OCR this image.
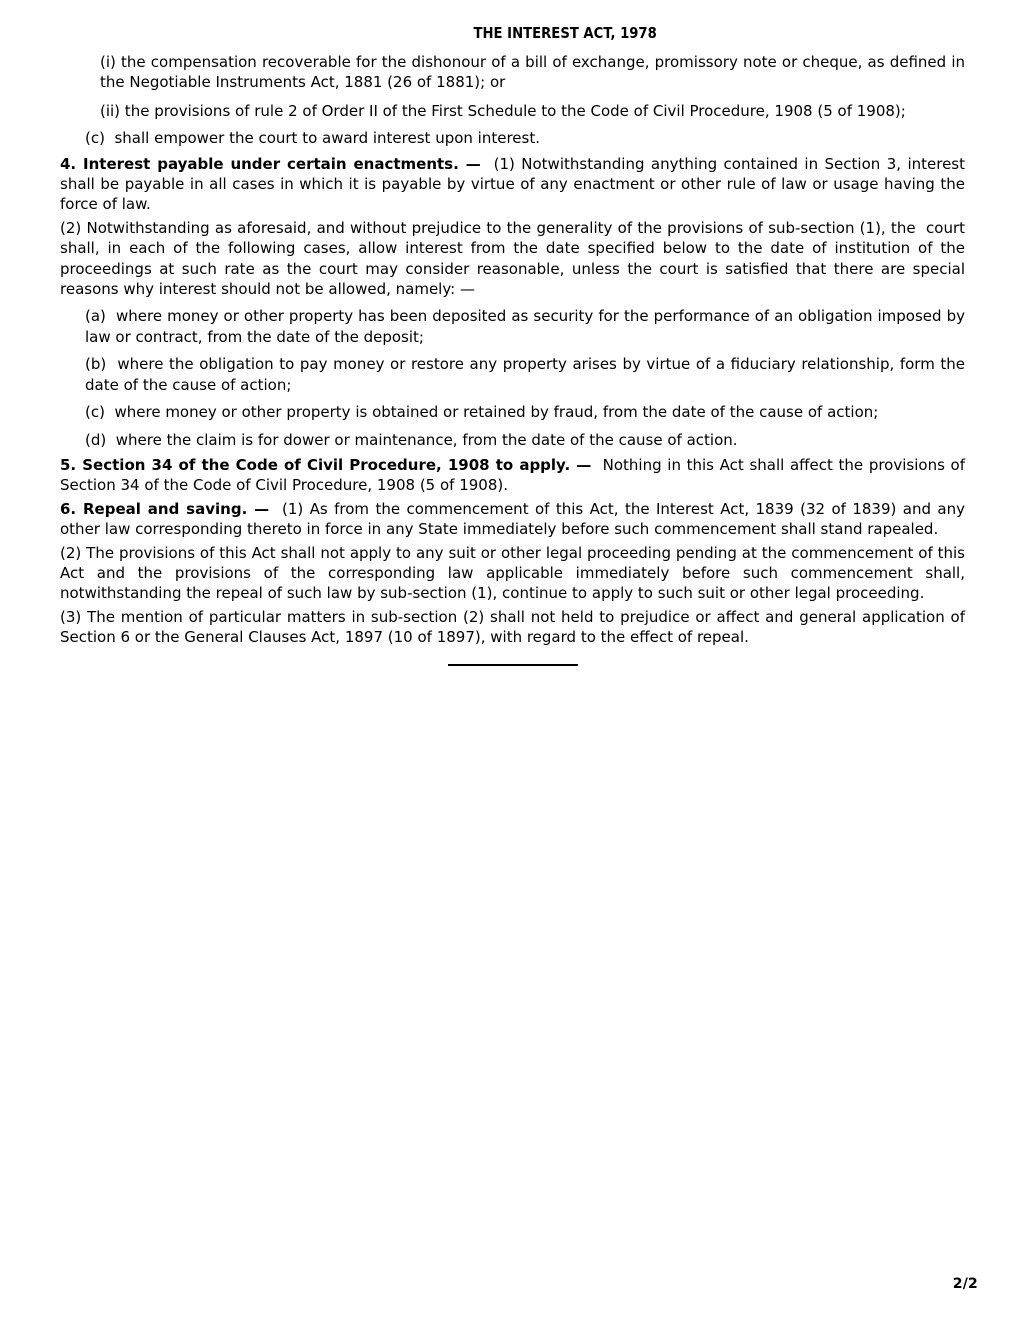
THE INTEREST ACT, 1978

(i) the compensation recoverable for the dishonour of a bill of exchange, promissory note or cheque, as defined in the Negotiable Instruments Act, 1881 (26 of 1881); or

(ii) the provisions of rule 2 of Order II of the First Schedule to the Code of Civil Procedure, 1908 (5 of 1908);

(c)  shall empower the court to award interest upon interest.

4. Interest payable under certain enactments. —  (1) Notwithstanding anything contained in Section 3, interest shall be payable in all cases in which it is payable by virtue of any enactment or other rule of law or usage having the force of law.

(2) Notwithstanding as aforesaid, and without prejudice to the generality of the provisions of sub-section (1), the  court shall, in each of the following cases, allow interest from the date specified below to the date of institution of the proceedings at such rate as the court may consider reasonable, unless the court is satisfied that there are special reasons why interest should not be allowed, namely: —

(a)  where money or other property has been deposited as security for the performance of an obligation imposed by law or contract, from the date of the deposit;

(b)  where the obligation to pay money or restore any property arises by virtue of a fiduciary relationship, form the date of the cause of action;

(c)  where money or other property is obtained or retained by fraud, from the date of the cause of action;

(d)  where the claim is for dower or maintenance, from the date of the cause of action.

5. Section 34 of the Code of Civil Procedure, 1908 to apply. —  Nothing in this Act shall affect the provisions of Section 34 of the Code of Civil Procedure, 1908 (5 of 1908).

6. Repeal and saving. —  (1) As from the commencement of this Act, the Interest Act, 1839 (32 of 1839) and any other law corresponding thereto in force in any State immediately before such commencement shall stand rapealed.

(2) The provisions of this Act shall not apply to any suit or other legal proceeding pending at the commencement of this Act and the provisions of the corresponding law applicable immediately before such commencement shall, notwithstanding the repeal of such law by sub-section (1), continue to apply to such suit or other legal proceeding.

(3) The mention of particular matters in sub-section (2) shall not held to prejudice or affect and general application of Section 6 or the General Clauses Act, 1897 (10 of 1897), with regard to the effect of repeal.

2/2
